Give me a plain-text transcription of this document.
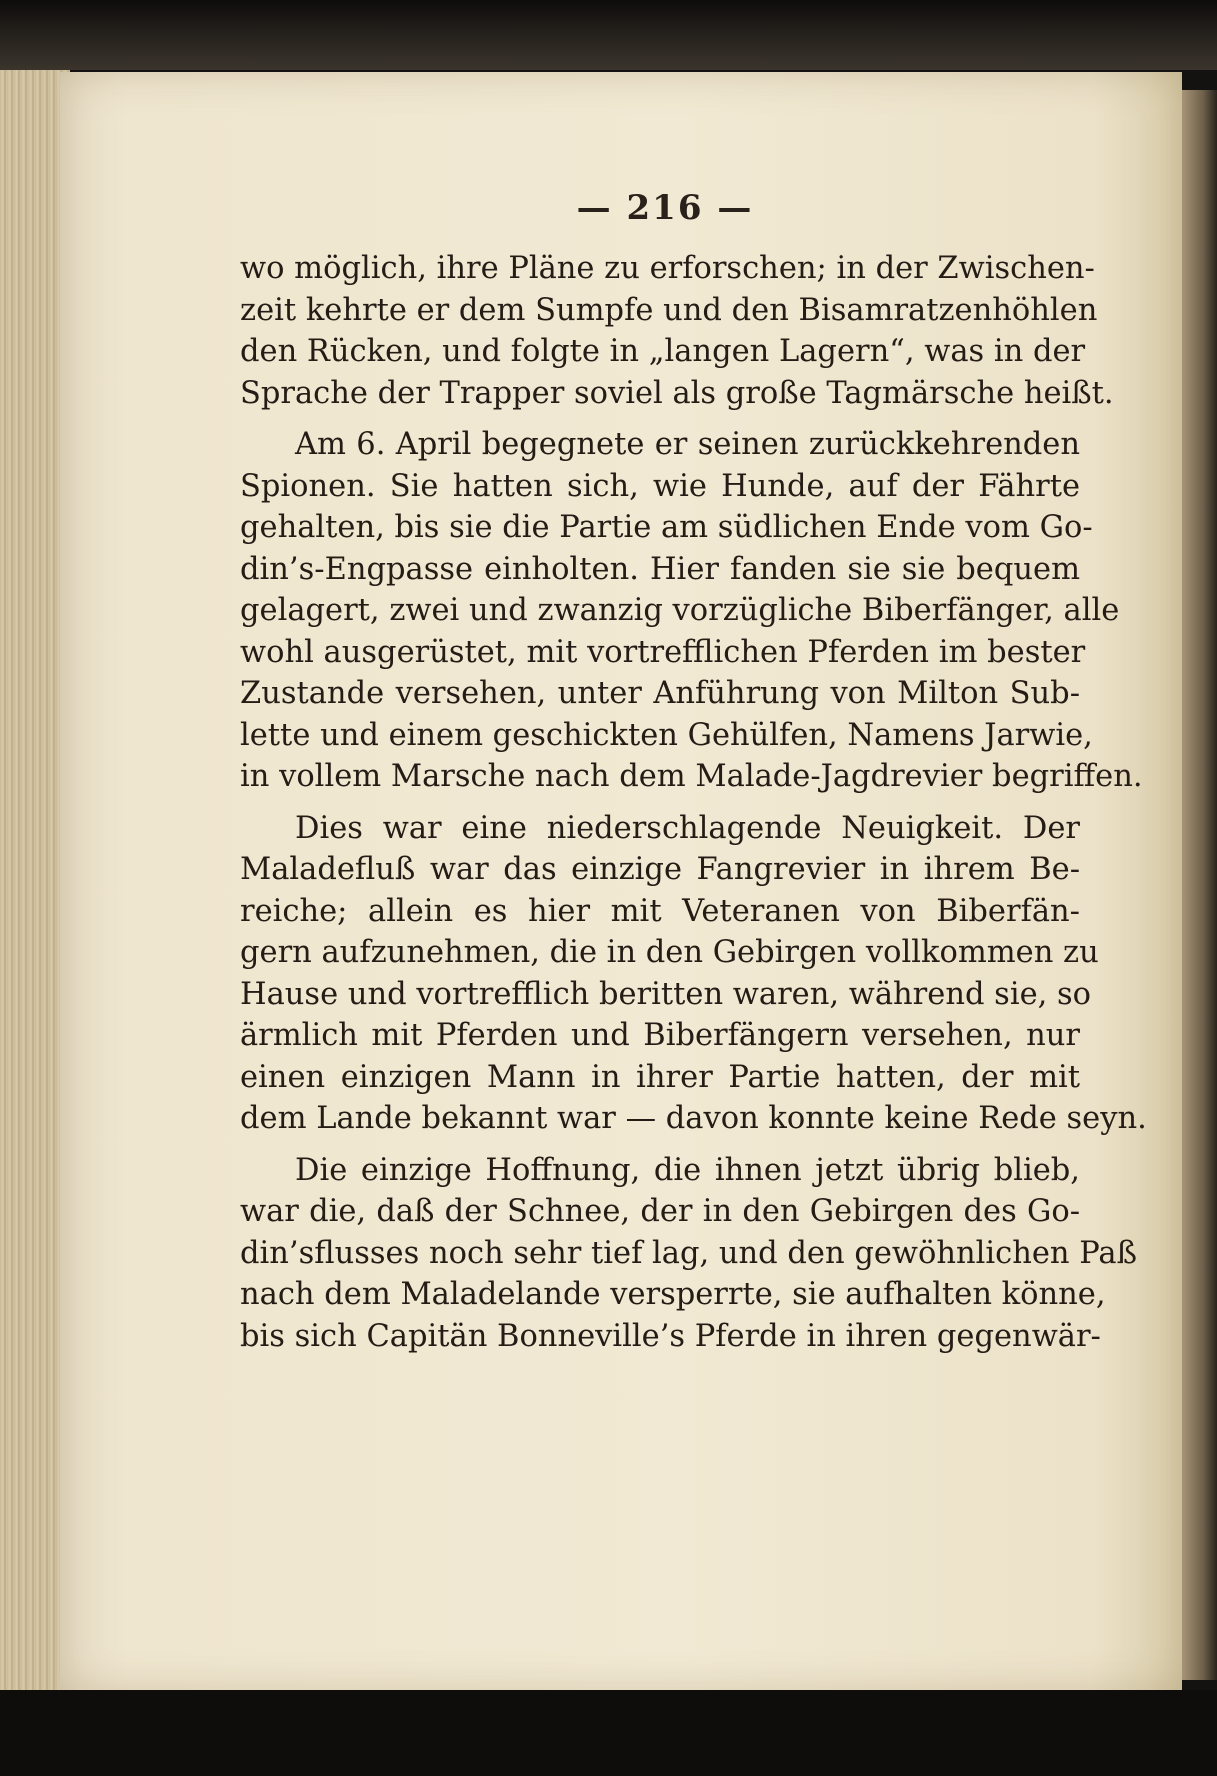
— 216 —
wo möglich, ihre Pläne zu erforschen; in der Zwischen-
zeit kehrte er dem Sumpfe und den Bisamratzenhöhlen
den Rücken, und folgte in „langen Lagern“, was in der
Sprache der Trapper soviel als große Tagmärsche heißt.
Am 6. April begegnete er seinen zurückkehrenden
Spionen. Sie hatten sich, wie Hunde, auf der Fährte
gehalten, bis sie die Partie am südlichen Ende vom Go-
din’s-Engpasse einholten. Hier fanden sie sie bequem
gelagert, zwei und zwanzig vorzügliche Biberfänger, alle
wohl ausgerüstet, mit vortrefflichen Pferden im bester
Zustande versehen, unter Anführung von Milton Sub-
lette und einem geschickten Gehülfen, Namens Jarwie,
in vollem Marsche nach dem Malade-Jagdrevier begriffen.
Dies war eine niederschlagende Neuigkeit. Der
Maladefluß war das einzige Fangrevier in ihrem Be-
reiche; allein es hier mit Veteranen von Biberfän-
gern aufzunehmen, die in den Gebirgen vollkommen zu
Hause und vortrefflich beritten waren, während sie, so
ärmlich mit Pferden und Biberfängern versehen, nur
einen einzigen Mann in ihrer Partie hatten, der mit
dem Lande bekannt war — davon konnte keine Rede seyn.
Die einzige Hoffnung, die ihnen jetzt übrig blieb,
war die, daß der Schnee, der in den Gebirgen des Go-
din’sflusses noch sehr tief lag, und den gewöhnlichen Paß
nach dem Maladelande versperrte, sie aufhalten könne,
bis sich Capitän Bonneville’s Pferde in ihren gegenwär-
